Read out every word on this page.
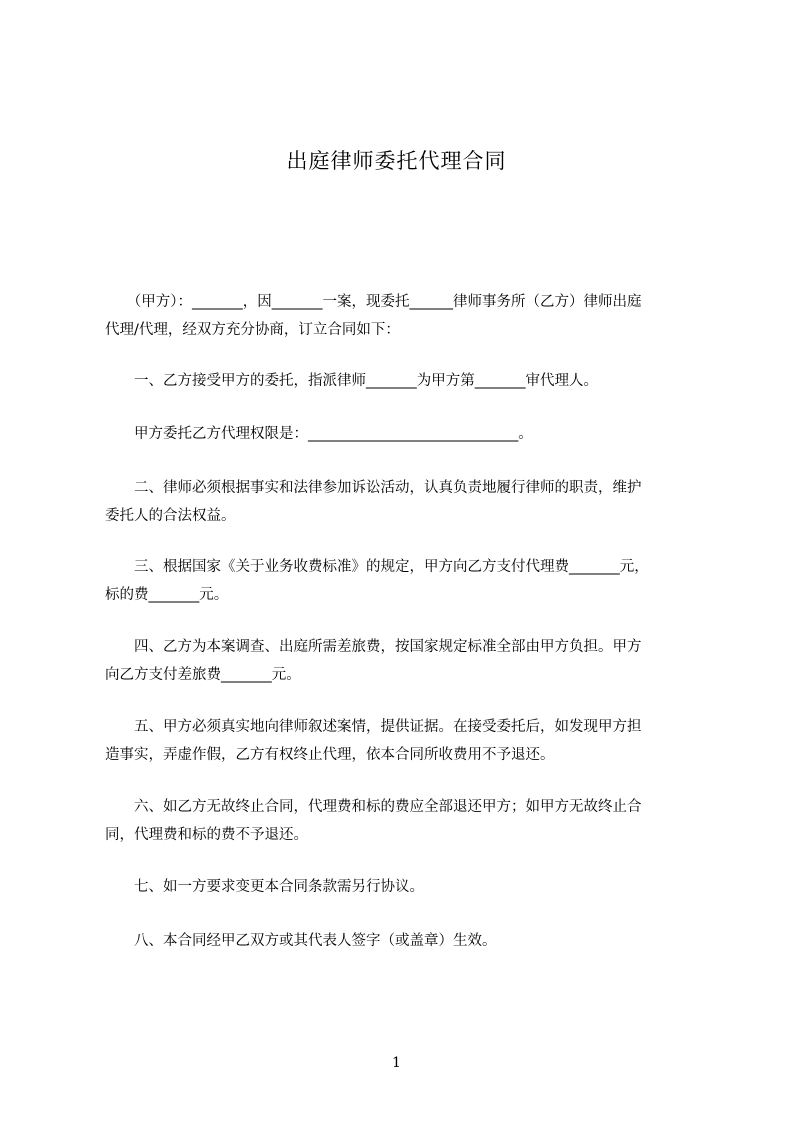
出庭律师委托代理合同
　　（甲方）：_______，因_______一案，现委托______律师事务所（乙方）律师出庭
代理/代理，经双方充分协商，订立合同如下：
　　一、乙方接受甲方的委托，指派律师_______为甲方第_______审代理人。
　　甲方委托乙方代理权限是：_____________________________。
　　二、律师必须根据事实和法律参加诉讼活动，认真负责地履行律师的职责，维护
委托人的合法权益。
　　三、根据国家《关于业务收费标准》的规定，甲方向乙方支付代理费_______元，
标的费_______元。
　　四、乙方为本案调查、出庭所需差旅费，按国家规定标准全部由甲方负担。甲方
向乙方支付差旅费_______元。
　　五、甲方必须真实地向律师叙述案情，提供证据。在接受委托后，如发现甲方担
造事实，弄虚作假，乙方有权终止代理，依本合同所收费用不予退还。
　　六、如乙方无故终止合同，代理费和标的费应全部退还甲方；如甲方无故终止合
同，代理费和标的费不予退还。
　　七、如一方要求变更本合同条款需另行协议。
　　八、本合同经甲乙双方或其代表人签字（或盖章）生效。
1
